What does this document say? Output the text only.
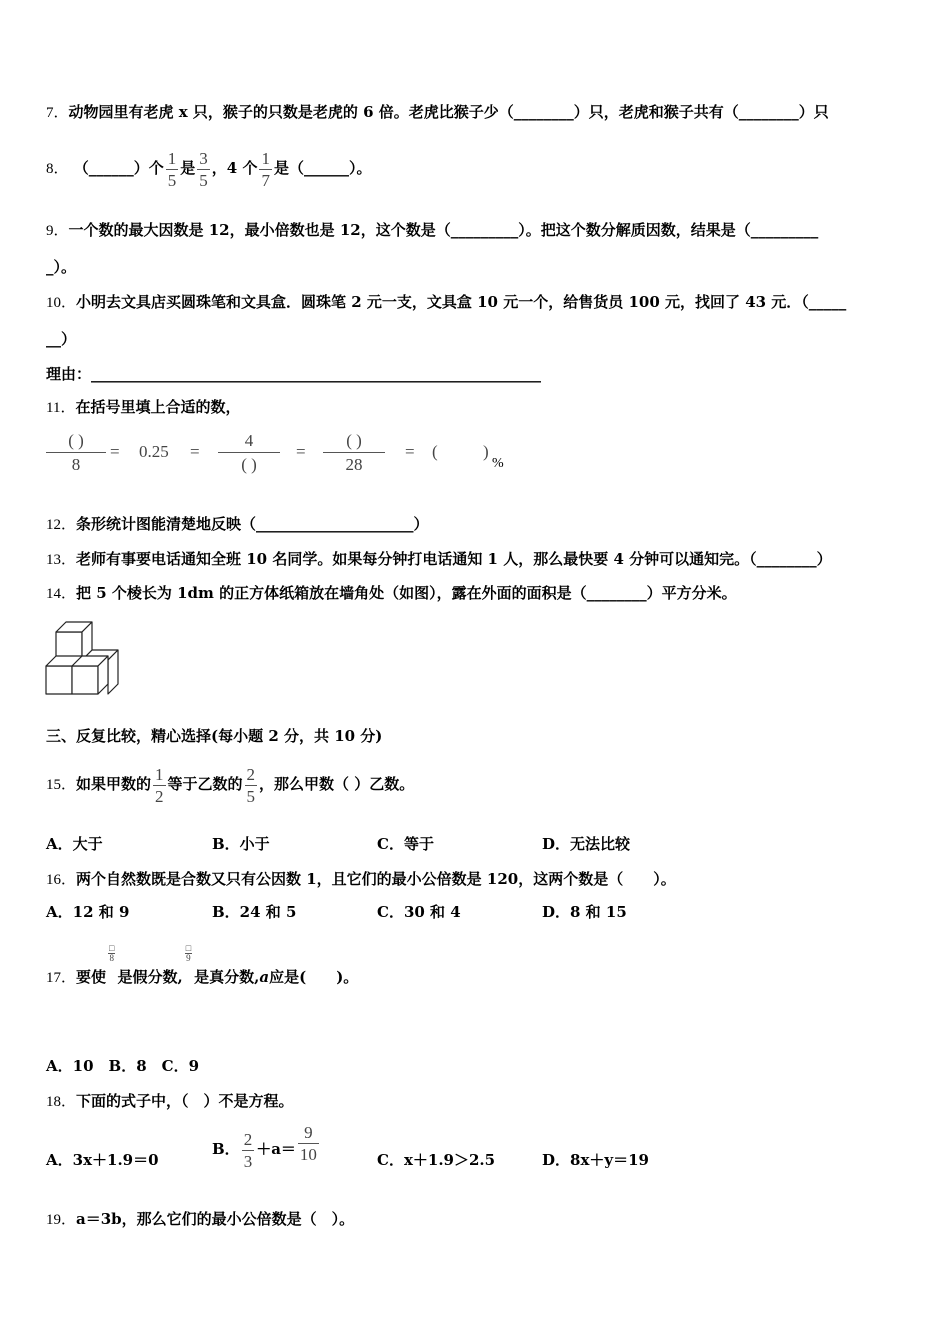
7．动物园里有老虎 x 只，猴子的只数是老虎的 6 倍。老虎比猴子少（________）只，老虎和猴子共有（________）只
8． （______）个 $\frac{1}{5}$ 是 $\frac{3}{5}$ ，4 个 $\frac{1}{7}$ 是（______）。
9．一个数的最大因数是 12，最小倍数也是 12，这个数是（_________）。把这个数分解质因数，结果是（_________
_）。
10．小明去文具店买圆珠笔和文具盒．圆珠笔 2 元一支，文具盒 10 元一个，给售货员 100 元，找回了 43 元．（_____
__）
理由：____________________________________________________________
11．在括号里填上合适的数，
( )
8
= 0.25 =
4
( )
=
( )
28
= (	)
%
12．条形统计图能清楚地反映（_____________________）
13．老师有事要电话通知全班 10 名同学。如果每分钟打电话通知 1 人，那么最快要 4 分钟可以通知完。（________）
14．把 5 个棱长为 1dm 的正方体纸箱放在墙角处（如图），露在外面的面积是（________）平方分米。
三、反复比较，精心选择(每小题 2 分，共 10 分)
15．如果甲数的 $\frac{1}{2}$ 等于乙数的 $\frac{2}{5}$ ，那么甲数（ ）乙数。
A．大于	B．小于	C．等于	D．无法比较
16．两个自然数既是合数又只有公因数 1，且它们的最小公倍数是 120，这两个数是（　　）。
A．12 和 9	B．24 和 5	C．30 和 4	D．8 和 15
17．要使
□
8
是假分数,
□
9
是真分数,a应是(　　)。
A．10　B．8　C．9
18．下面的式子中，（　）不是方程。
A．3x＋1.9＝0
B． $\frac{2}{3} +a= \frac{9}{10}$	C．x＋1.9＞2.5	D．8x＋y＝19
19．a＝3b，那么它们的最小公倍数是（　）。
